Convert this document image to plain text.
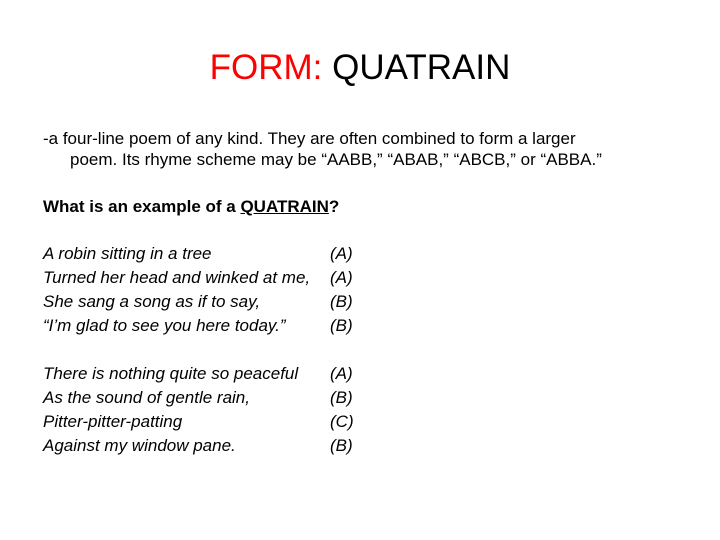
FORM: QUATRAIN
-a four-line poem of any kind. They are often combined to form a larger
poem. Its rhyme scheme may be “AABB,” “ABAB,” “ABCB,” or “ABBA.”
What is an example of a QUATRAIN?
A robin sitting in a tree	(A)
Turned her head and winked at me, (A)
She sang a song as if to say,	(B)
“I’m glad to see you here today.”	(B)
There is nothing quite so peaceful (A)
As the sound of gentle rain,	(B)
Pitter-pitter-patting	(C)
Against my window pane.	(B)
